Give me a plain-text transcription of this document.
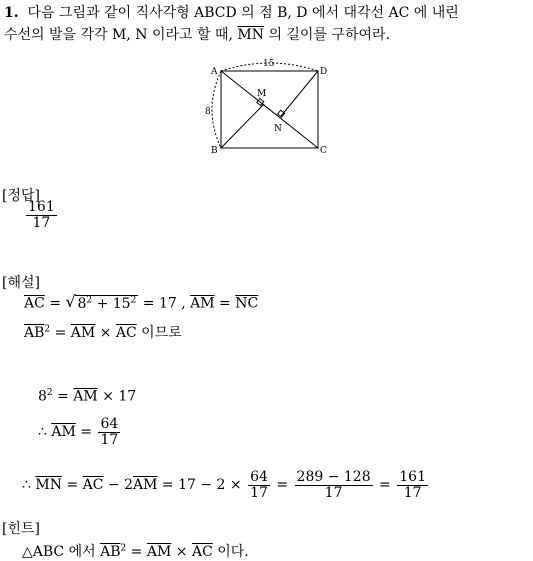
1. 다음 그림과 같이 직사각형 ABCD 의 점 B, D 에서 대각선 AC 에 내린
수선의 발을 각각 M, N 이라고 할 때, $\overline{MN}$ 의 길이를 구하여라.
A	D
B	C
M
N
15
8
[정답]
$\frac{161}{17}$
[해설]
$\overline{AC}$ = √ $8^2 + 15^2 = 17$ , $\overline{AM} = \overline{NC}$
$\overline{AB}^2 = \overline{AM} \times \overline{AC}$ 이므로
$8^2 = \overline{AM} \times 17$
∴ $\overline{AM} = \frac{64}{17}$
∴ $\overline{MN} = \overline{AC} - 2\overline{AM} = 17 - 2 \times \frac{64}{17} = \frac{289 - 128}{17} = \frac{161}{17}$
[힌트]
△ABC 에서 $\overline{AB}^2 = \overline{AM} \times \overline{AC}$ 이다.
